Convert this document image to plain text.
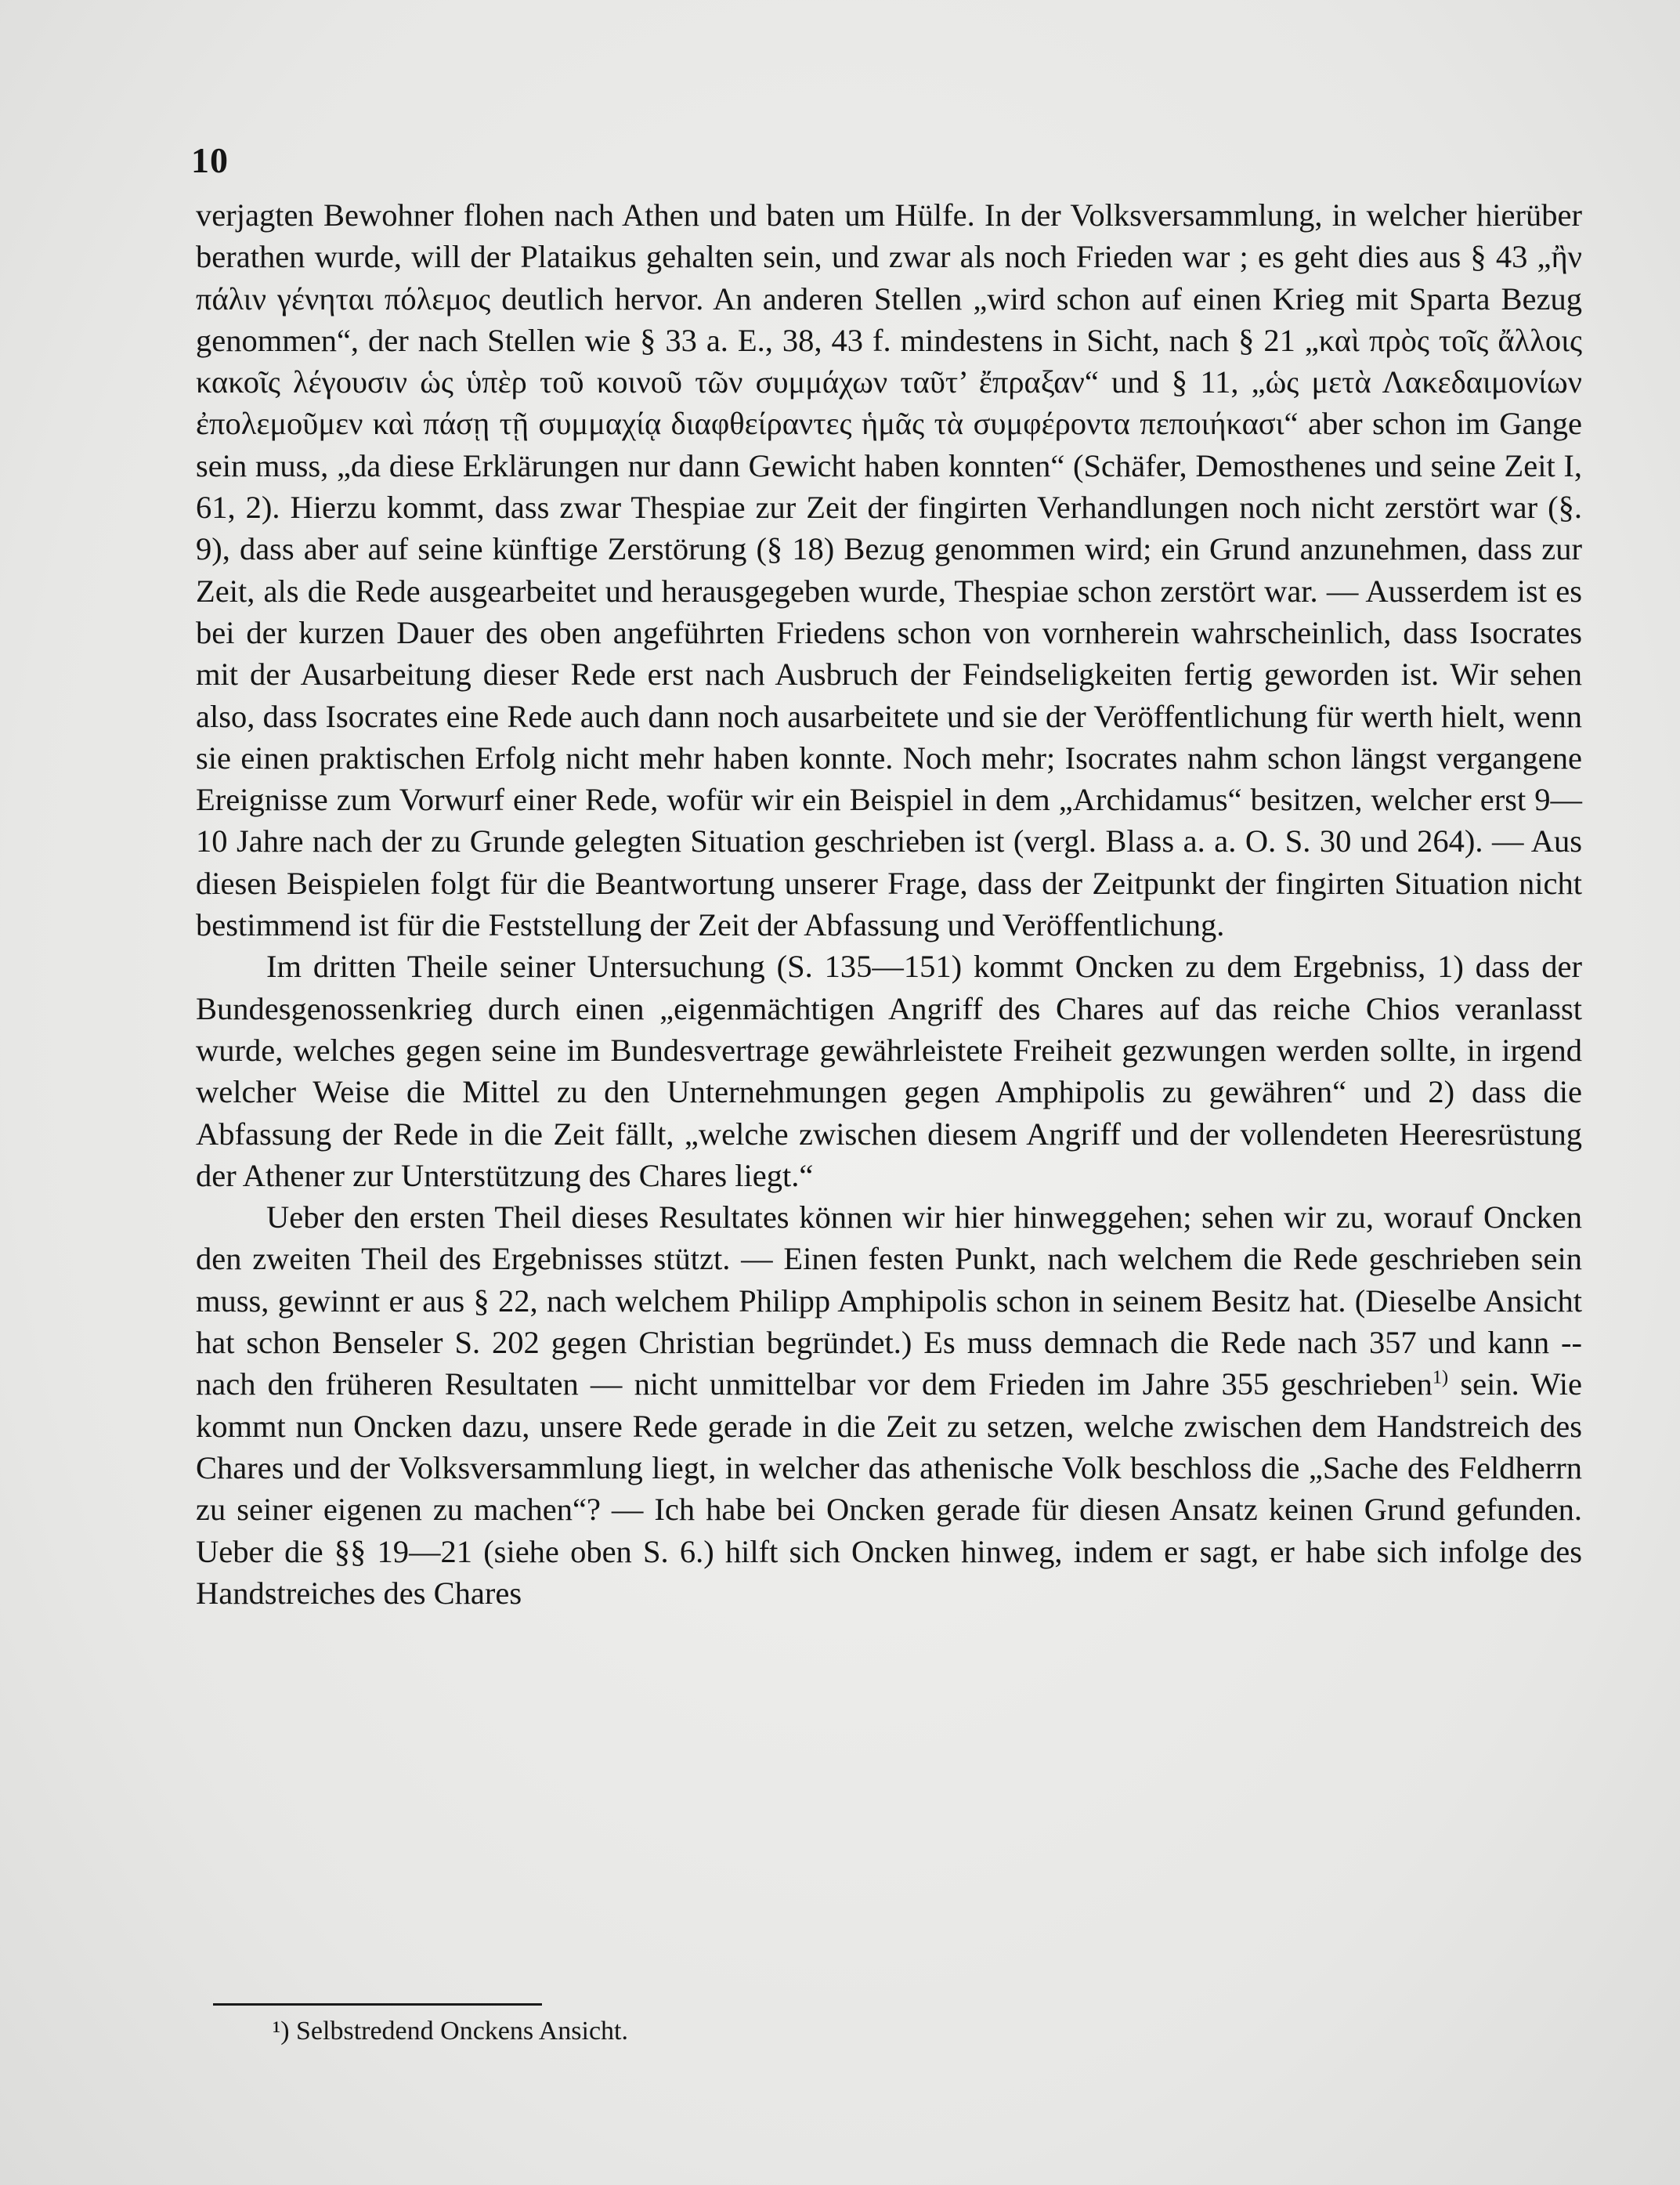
10

verjagten Bewohner flohen nach Athen und baten um Hülfe. In der Volksversammlung, in welcher hierüber berathen wurde, will der Plataikus gehalten sein, und zwar als noch Frieden war ; es geht dies aus § 43 „ἢν πάλιν γένηται πόλεμος deutlich hervor. An anderen Stellen „wird schon auf einen Krieg mit Sparta Bezug genommen“, der nach Stellen wie § 33 a. E., 38, 43 f. mindestens in Sicht, nach § 21 „καὶ πρὸς τοῖς ἄλλοις κακοῖς λέγουσιν ὡς ὑπὲρ τοῦ κοινοῦ τῶν συμμάχων ταῦτ’ ἔπραξαν“ und § 11, „ὡς μετὰ Λακεδαιμονίων ἐπολεμοῦμεν καὶ πάσῃ τῇ συμμαχίᾳ διαφθείραντες ἡμᾶς τὰ συμφέροντα πεποιήκασι“ aber schon im Gange sein muss, „da diese Erklärungen nur dann Gewicht haben konnten“ (Schäfer, Demosthenes und seine Zeit I, 61, 2). Hierzu kommt, dass zwar Thespiae zur Zeit der fingirten Verhandlungen noch nicht zerstört war (§. 9), dass aber auf seine künftige Zerstörung (§ 18) Bezug genommen wird; ein Grund anzunehmen, dass zur Zeit, als die Rede ausgearbeitet und herausgegeben wurde, Thespiae schon zerstört war. — Ausserdem ist es bei der kurzen Dauer des oben angeführten Friedens schon von vornherein wahrscheinlich, dass Isocrates mit der Ausarbeitung dieser Rede erst nach Ausbruch der Feindseligkeiten fertig geworden ist. Wir sehen also, dass Isocrates eine Rede auch dann noch ausarbeitete und sie der Veröffentlichung für werth hielt, wenn sie einen praktischen Erfolg nicht mehr haben konnte. Noch mehr; Isocrates nahm schon längst vergangene Ereignisse zum Vorwurf einer Rede, wofür wir ein Beispiel in dem „Archidamus“ besitzen, welcher erst 9—10 Jahre nach der zu Grunde gelegten Situation geschrieben ist (vergl. Blass a. a. O. S. 30 und 264). — Aus diesen Beispielen folgt für die Beantwortung unserer Frage, dass der Zeitpunkt der fingirten Situation nicht bestimmend ist für die Feststellung der Zeit der Abfassung und Veröffentlichung.

Im dritten Theile seiner Untersuchung (S. 135—151) kommt Oncken zu dem Ergebniss, 1) dass der Bundesgenossenkrieg durch einen „eigenmächtigen Angriff des Chares auf das reiche Chios veranlasst wurde, welches gegen seine im Bundesvertrage gewährleistete Freiheit gezwungen werden sollte, in irgend welcher Weise die Mittel zu den Unternehmungen gegen Amphipolis zu gewähren“ und 2) dass die Abfassung der Rede in die Zeit fällt, „welche zwischen diesem Angriff und der vollendeten Heeresrüstung der Athener zur Unterstützung des Chares liegt.“

Ueber den ersten Theil dieses Resultates können wir hier hinweggehen; sehen wir zu, worauf Oncken den zweiten Theil des Ergebnisses stützt. — Einen festen Punkt, nach welchem die Rede geschrieben sein muss, gewinnt er aus § 22, nach welchem Philipp Amphipolis schon in seinem Besitz hat. (Dieselbe Ansicht hat schon Benseler S. 202 gegen Christian begründet.) Es muss demnach die Rede nach 357 und kann -- nach den früheren Resultaten — nicht unmittelbar vor dem Frieden im Jahre 355 geschrieben$^{1)}$ sein. Wie kommt nun Oncken dazu, unsere Rede gerade in die Zeit zu setzen, welche zwischen dem Handstreich des Chares und der Volksversammlung liegt, in welcher das athenische Volk beschloss die „Sache des Feldherrn zu seiner eigenen zu machen“? — Ich habe bei Oncken gerade für diesen Ansatz keinen Grund gefunden. Ueber die §§ 19—21 (siehe oben S. 6.) hilft sich Oncken hinweg, indem er sagt, er habe sich infolge des Handstreiches des Chares

¹) Selbstredend Onckens Ansicht.
